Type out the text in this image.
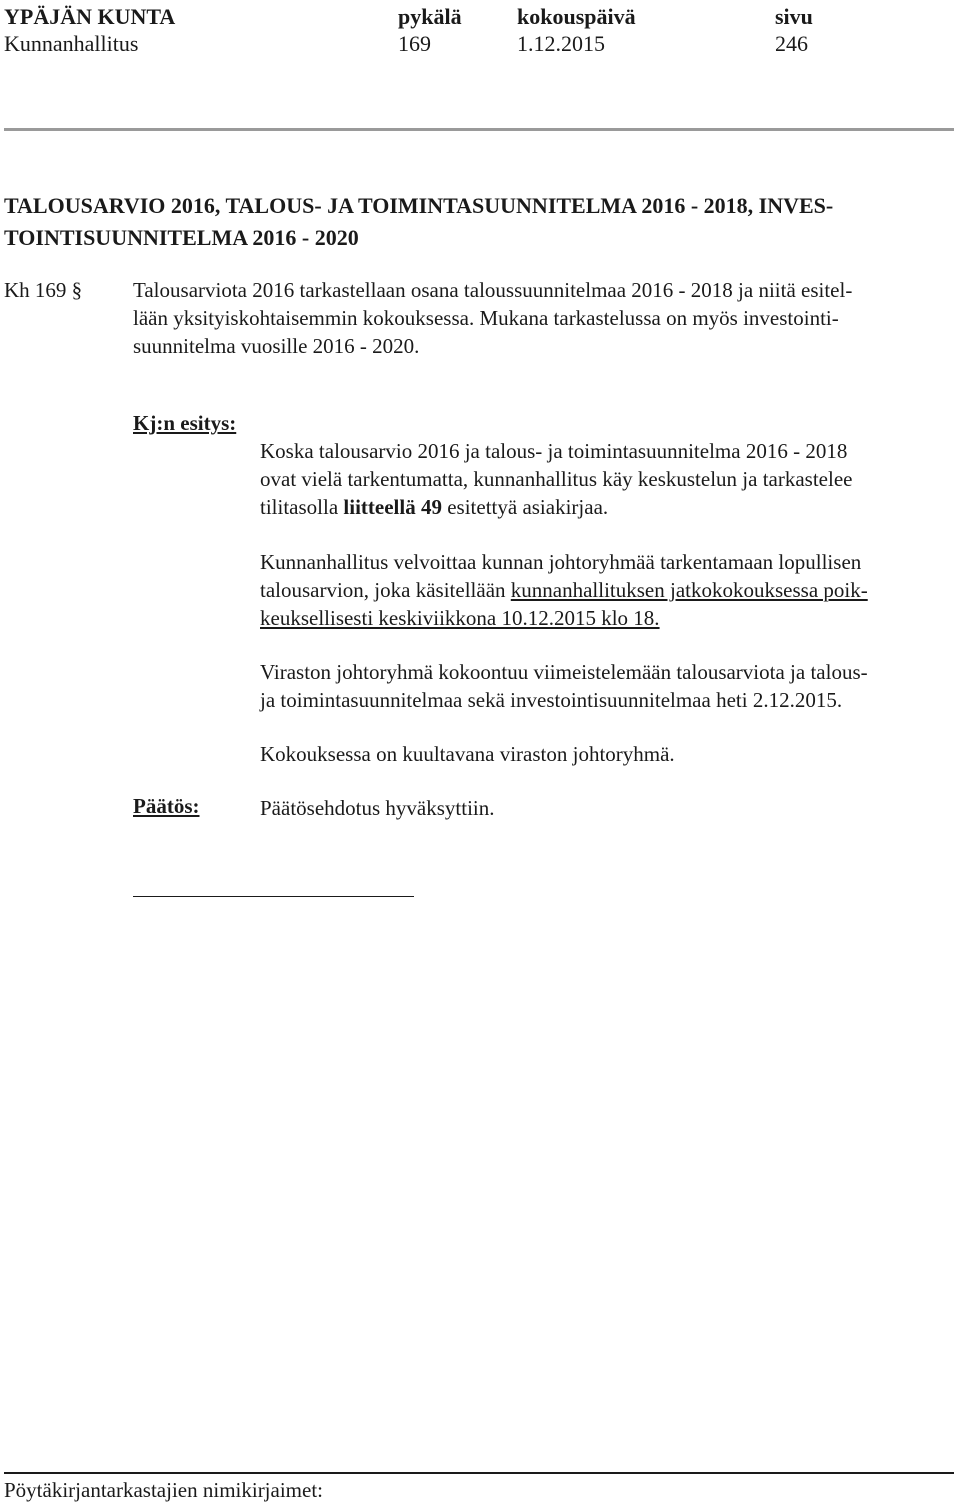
YPÄJÄN KUNTA
Kunnanhallitus
pykälä
169
kokouspäivä
1.12.2015
sivu
246
TALOUSARVIO 2016, TALOUS- JA TOIMINTASUUNNITELMA 2016 - 2018, INVES-
TOINTISUUNNITELMA 2016 - 2020
Kh 169 § Talousarviota 2016 tarkastellaan osana taloussuunnitelmaa 2016 - 2018 ja niitä esitel-
lään yksityiskohtaisemmin kokouksessa. Mukana tarkastelussa on myös investointi-
suunnitelma vuosille 2016 - 2020.
Kj:n esitys:
Koska talousarvio 2016 ja talous- ja toimintasuunnitelma 2016 - 2018
ovat vielä tarkentumatta, kunnanhallitus käy keskustelun ja tarkastelee
tilitasolla liitteellä 49 esitettyä asiakirjaa.
Kunnanhallitus velvoittaa kunnan johtoryhmää tarkentamaan lopullisen
talousarvion, joka käsitellään kunnanhallituksen jatkokokouksessa poik-
keuksellisesti keskiviikkona 10.12.2015 klo 18.
Viraston johtoryhmä kokoontuu viimeistelemään talousarviota ja talous-
ja toimintasuunnitelmaa sekä investointisuunnitelmaa heti 2.12.2015.
Kokouksessa on kuultavana viraston johtoryhmä.
Päätös:	Päätösehdotus hyväksyttiin.
Pöytäkirjantarkastajien nimikirjaimet:
